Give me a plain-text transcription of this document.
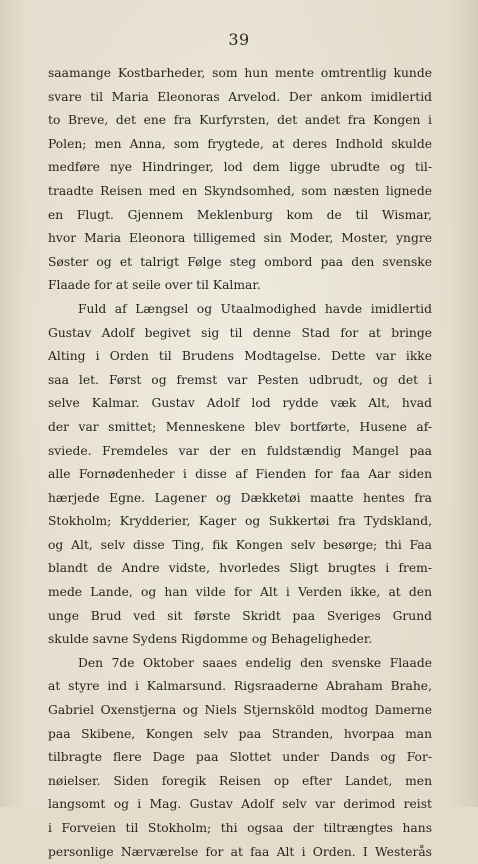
39
saamange Kostbarheder, som hun mente omtrentlig kunde
svare til Maria Eleonoras Arvelod. Der ankom imidlertid
to Breve, det ene fra Kurfyrsten, det andet fra Kongen i
Polen; men Anna, som frygtede, at deres Indhold skulde
medføre nye Hindringer, lod dem ligge ubrudte og til-
traadte Reisen med en Skyndsomhed, som næsten lignede
en Flugt. Gjennem Meklenburg kom de til Wismar,
hvor Maria Eleonora tilligemed sin Moder, Moster, yngre
Søster og et talrigt Følge steg ombord paa den svenske
Flaade for at seile over til Kalmar.
Fuld af Længsel og Utaalmodighed havde imidlertid
Gustav Adolf begivet sig til denne Stad for at bringe
Alting i Orden til Brudens Modtagelse. Dette var ikke
saa let. Først og fremst var Pesten udbrudt, og det i
selve Kalmar. Gustav Adolf lod rydde væk Alt, hvad
der var smittet; Menneskene blev bortførte, Husene af-
sviede. Fremdeles var der en fuldstændig Mangel paa
alle Fornødenheder i disse af Fienden for faa Aar siden
hærjede Egne. Lagener og Dækketøi maatte hentes fra
Stokholm; Krydderier, Kager og Sukkertøi fra Tydskland,
og Alt, selv disse Ting, fik Kongen selv besørge; thi Faa
blandt de Andre vidste, hvorledes Sligt brugtes i frem-
mede Lande, og han vilde for Alt i Verden ikke, at den
unge Brud ved sit første Skridt paa Sveriges Grund
skulde savne Sydens Rigdomme og Behageligheder.
Den 7de Oktober saaes endelig den svenske Flaade
at styre ind i Kalmarsund. Rigsraaderne Abraham Brahe,
Gabriel Oxenstjerna og Niels Stjernsköld modtog Damerne
paa Skibene, Kongen selv paa Stranden, hvorpaa man
tilbragte flere Dage paa Slottet under Dands og For-
nøielser. Siden foregik Reisen op efter Landet, men
langsomt og i Mag. Gustav Adolf selv var derimod reist
i Forveien til Stokholm; thi ogsaa der tiltrængtes hans
personlige Nærværelse for at faa Alt i Orden. I Westerås
